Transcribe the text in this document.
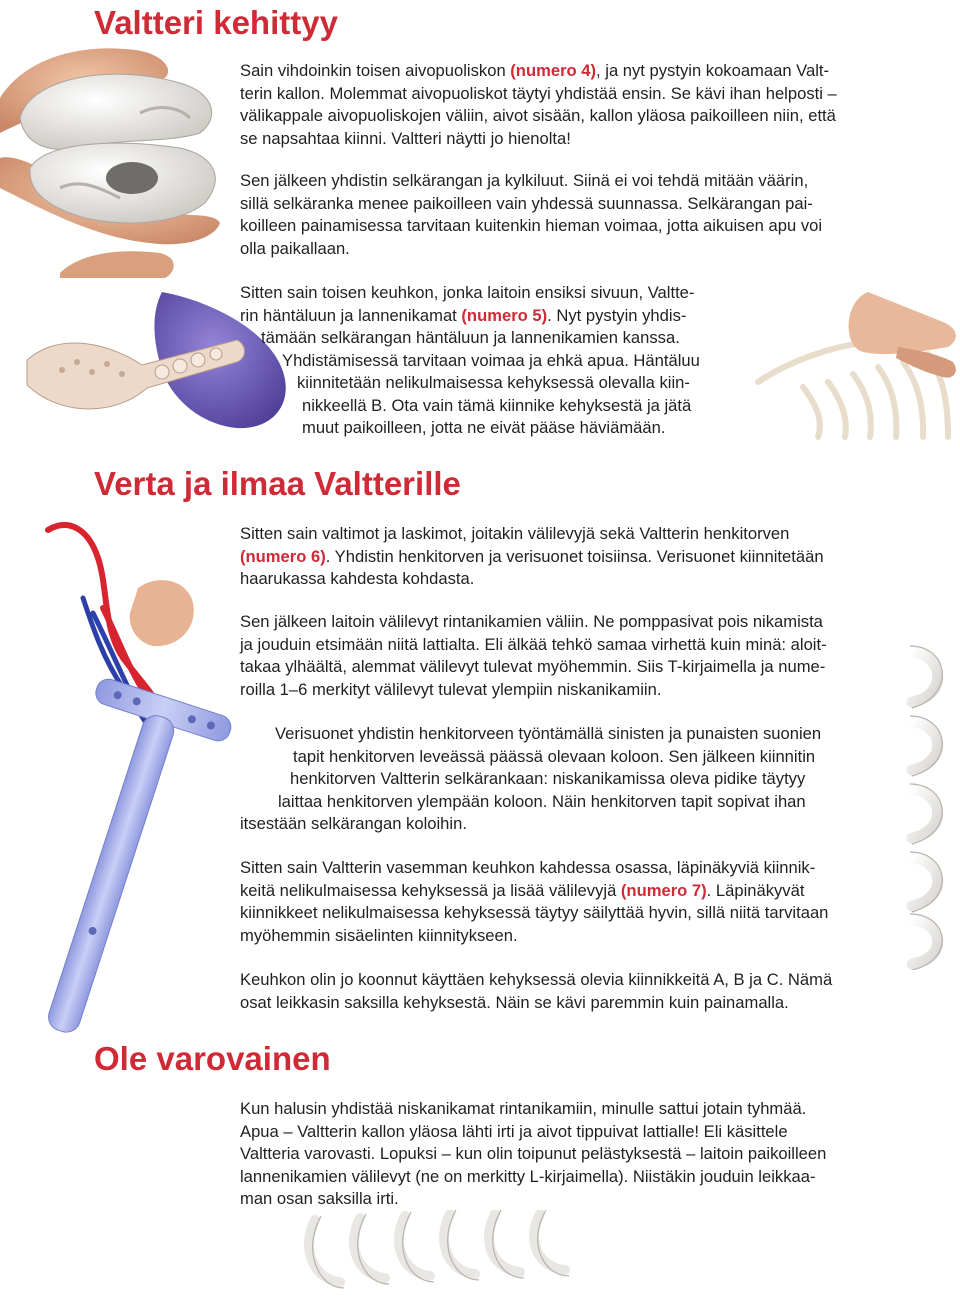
Valtteri kehittyy
Verta ja ilmaa Valtterille
Ole varovainen
Sain vihdoinkin toisen aivopuoliskon (numero 4), ja nyt pystyin kokoamaan Valt-
terin kallon. Molemmat aivopuoliskot täytyi yhdistää ensin. Se kävi ihan helposti –
välikappale aivopuoliskojen väliin, aivot sisään, kallon yläosa paikoilleen niin, että
se napsahtaa kiinni. Valtteri näytti jo hienolta!
Sen jälkeen yhdistin selkärangan ja kylkiluut. Siinä ei voi tehdä mitään väärin,
sillä selkäranka menee paikoilleen vain yhdessä suunnassa. Selkärangan pai-
koilleen painamisessa tarvitaan kuitenkin hieman voimaa, jotta aikuisen apu voi
olla paikallaan.
Sitten sain toisen keuhkon, jonka laitoin ensiksi sivuun, Valtte-
rin häntäluun ja lannenikamat (numero 5). Nyt pystyin yhdis-
tämään selkärangan häntäluun ja lannenikamien kanssa.
Yhdistämisessä tarvitaan voimaa ja ehkä apua. Häntäluu
kiinnitetään nelikulmaisessa kehyksessä olevalla kiin-
nikkeellä B. Ota vain tämä kiinnike kehyksestä ja jätä
muut paikoilleen, jotta ne eivät pääse häviämään.
Sitten sain valtimot ja laskimot, joitakin välilevyjä sekä Valtterin henkitorven
(numero 6). Yhdistin henkitorven ja verisuonet toisiinsa. Verisuonet kiinnitetään
haarukassa kahdesta kohdasta.
Sen jälkeen laitoin välilevyt rintanikamien väliin. Ne pomppasivat pois nikamista
ja jouduin etsimään niitä lattialta. Eli älkää tehkö samaa virhettä kuin minä: aloit-
takaa ylhäältä, alemmat välilevyt tulevat myöhemmin. Siis T-kirjaimella ja nume-
roilla 1–6 merkityt välilevyt tulevat ylempiin niskanikamiin.
Verisuonet yhdistin henkitorveen työntämällä sinisten ja punaisten suonien
tapit henkitorven leveässä päässä olevaan koloon. Sen jälkeen kiinnitin
henkitorven Valtterin selkärankaan: niskanikamissa oleva pidike täytyy
laittaa henkitorven ylempään koloon. Näin henkitorven tapit sopivat ihan
itsestään selkärangan koloihin.
Sitten sain Valtterin vasemman keuhkon kahdessa osassa, läpinäkyviä kiinnik-
keitä nelikulmaisessa kehyksessä ja lisää välilevyjä (numero 7). Läpinäkyvät
kiinnikkeet nelikulmaisessa kehyksessä täytyy säilyttää hyvin, sillä niitä tarvitaan
myöhemmin sisäelinten kiinnitykseen.
Keuhkon olin jo koonnut käyttäen kehyksessä olevia kiinnikkeitä A, B ja C. Nämä
osat leikkasin saksilla kehyksestä. Näin se kävi paremmin kuin painamalla.
Kun halusin yhdistää niskanikamat rintanikamiin, minulle sattui jotain tyhmää.
Apua – Valtterin kallon yläosa lähti irti ja aivot tippuivat lattialle! Eli käsittele
Valtteria varovasti. Lopuksi – kun olin toipunut pelästyksestä – laitoin paikoilleen
lannenikamien välilevyt (ne on merkitty L-kirjaimella). Niistäkin jouduin leikkaa-
man osan saksilla irti.
